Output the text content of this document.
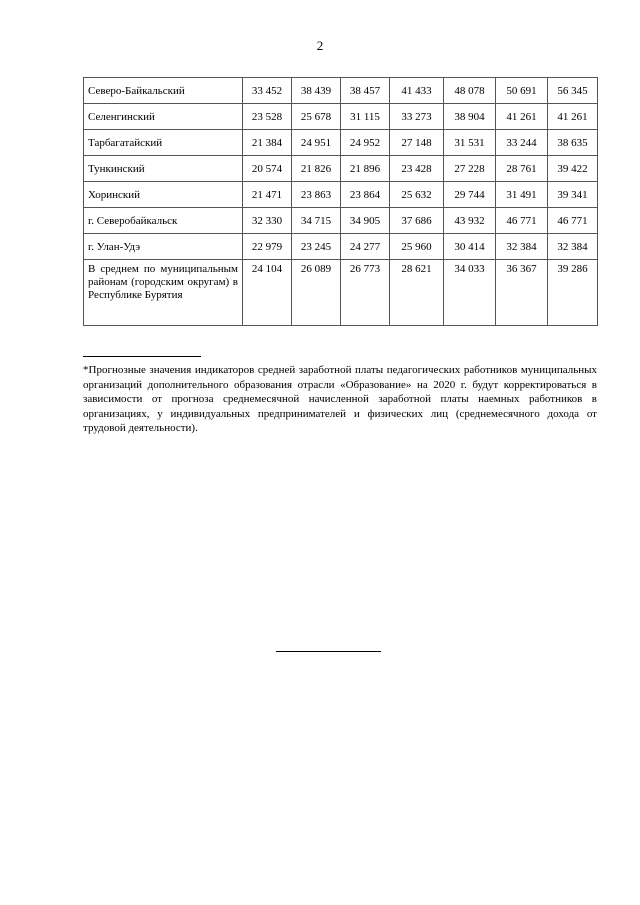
2
Северо-Байкальский	33 452	38 439	38 457	41 433	48 078	50 691	56 345
Селенгинский	23 528	25 678	31 115	33 273	38 904	41 261	41 261
Тарбагатайский	21 384	24 951	24 952	27 148	31 531	33 244	38 635
Тункинский	20 574	21 826	21 896	23 428	27 228	28 761	39 422
Хоринский	21 471	23 863	23 864	25 632	29 744	31 491	39 341
г. Северобайкальск	32 330	34 715	34 905	37 686	43 932	46 771	46 771
г. Улан-Удэ	22 979	23 245	24 277	25 960	30 414	32 384	32 384
В среднем по муниципальным районам (городским округам) в Республике Бурятия	24 104	26 089	26 773	28 621	34 033	36 367	39 286

*Прогнозные значения индикаторов средней заработной платы педагогических работников муниципальных организаций дополнительного образования отрасли «Образование» на 2020 г. будут корректироваться в зависимости от прогноза среднемесячной начисленной заработной платы наемных работников в организациях, у индивидуальных предпринимателей и физических лиц (среднемесячного дохода от трудовой деятельности).
